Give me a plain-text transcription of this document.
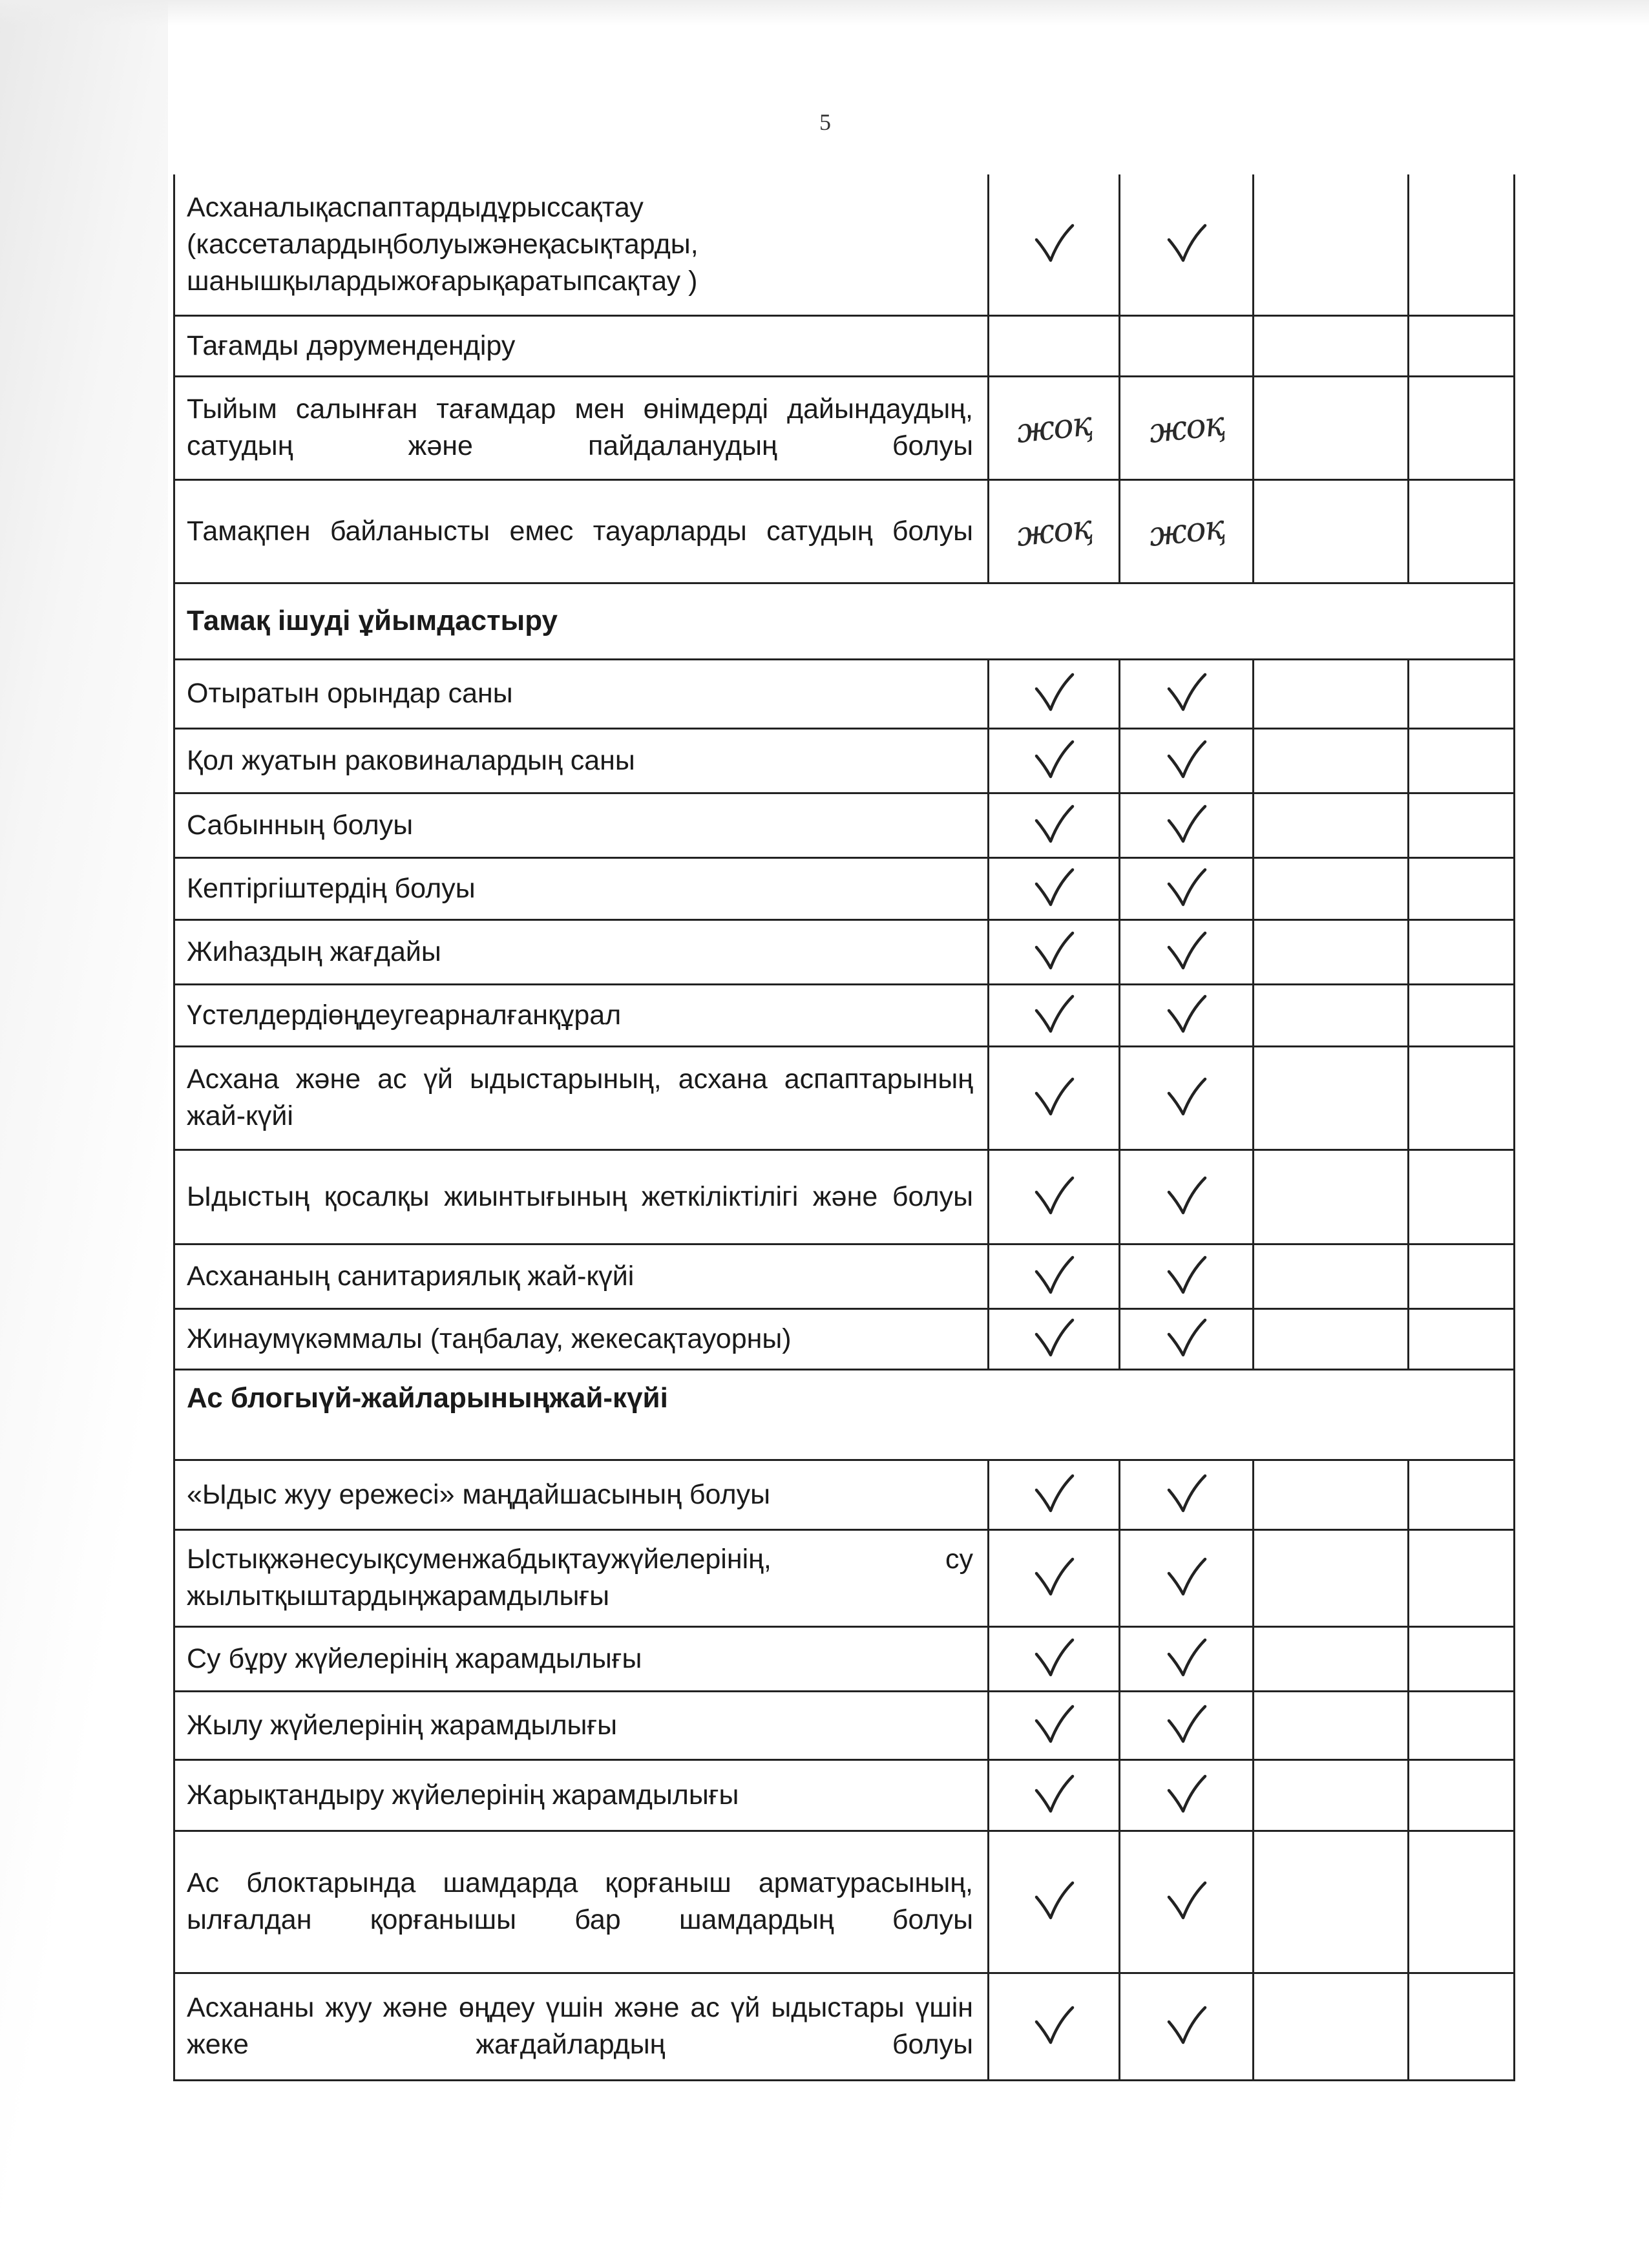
5
Асханалықаспаптардыдұрыссақтау (кассеталардыңболуыжәнеқасықтарды, шанышқылардыжоғарықаратыпсақтау )				
Тағамды дәрумендендіру				
Тыйым салынған тағамдар мен өнімдерді дайындаудың, сатудың және пайдаланудың болуы	жоқ	жоқ		
Тамақпен байланысты емес тауарларды сатудың болуы	жоқ	жоқ		
Тамақ ішуді ұйымдастыру				
Отыратын орындар саны				
Қол жуатын раковиналардың саны				
Сабынның болуы				
Кептіргіштердің болуы				
Жиһаздың жағдайы				
Үстелдердіөңдеугеарналғанқұрал				
Асхана және ас үй ыдыстарының, асхана аспаптарының жай-күйі				
Ыдыстың қосалқы жиынтығының жеткіліктілігі және болуы				
Асхананың санитариялық жай-күйі				
Жинаумүкәммалы (таңбалау, жекесақтауорны)				
Ас блогыүй-жайларыныңжай-күйі				
«Ыдыс жуу ережесі» маңдайшасының болуы				
Ыстықжәнесуықсуменжабдықтаужүйелерінің, су жылытқыштардыңжарамдылығы				
Су бұру жүйелерінің жарамдылығы				
Жылу жүйелерінің жарамдылығы				
Жарықтандыру жүйелерінің жарамдылығы				
Ас блоктарында шамдарда қорғаныш арматурасының, ылғалдан қорғанышы бар шамдардың болуы				
Асхананы жуу және өңдеу үшін және ас үй ыдыстары үшін жеке жағдайлардың болуы				
